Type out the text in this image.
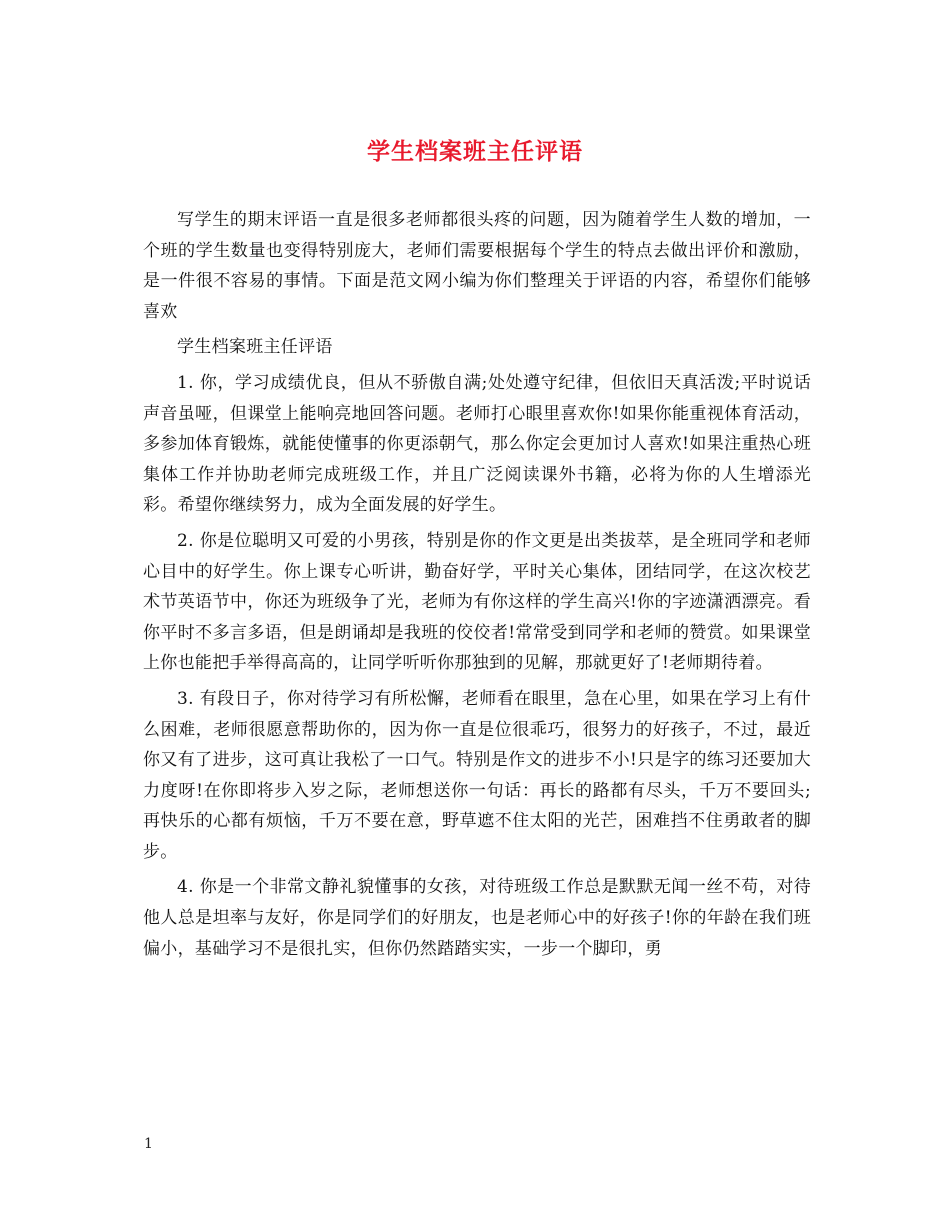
学生档案班主任评语

写学生的期末评语一直是很多老师都很头疼的问题，因为随着学生人数的增加，一个班的学生数量也变得特别庞大，老师们需要根据每个学生的特点去做出评价和激励，是一件很不容易的事情。下面是范文网小编为你们整理关于评语的内容，希望你们能够喜欢

学生档案班主任评语

1. 你，学习成绩优良，但从不骄傲自满;处处遵守纪律，但依旧天真活泼;平时说话声音虽哑，但课堂上能响亮地回答问题。老师打心眼里喜欢你!如果你能重视体育活动，多参加体育锻炼，就能使懂事的你更添朝气，那么你定会更加讨人喜欢!如果注重热心班集体工作并协助老师完成班级工作，并且广泛阅读课外书籍，必将为你的人生增添光彩。希望你继续努力，成为全面发展的好学生。

2. 你是位聪明又可爱的小男孩，特别是你的作文更是出类拔萃，是全班同学和老师心目中的好学生。你上课专心听讲，勤奋好学，平时关心集体，团结同学，在这次校艺术节英语节中，你还为班级争了光，老师为有你这样的学生高兴!你的字迹潇洒漂亮。看你平时不多言多语，但是朗诵却是我班的佼佼者!常常受到同学和老师的赞赏。如果课堂上你也能把手举得高高的，让同学听听你那独到的见解，那就更好了!老师期待着。

3. 有段日子，你对待学习有所松懈，老师看在眼里，急在心里，如果在学习上有什么困难，老师很愿意帮助你的，因为你一直是位很乖巧，很努力的好孩子，不过，最近你又有了进步，这可真让我松了一口气。特别是作文的进步不小!只是字的练习还要加大力度呀!在你即将步入岁之际，老师想送你一句话：再长的路都有尽头，千万不要回头;再快乐的心都有烦恼，千万不要在意，野草遮不住太阳的光芒，困难挡不住勇敢者的脚步。

4. 你是一个非常文静礼貌懂事的女孩，对待班级工作总是默默无闻一丝不苟，对待他人总是坦率与友好，你是同学们的好朋友，也是老师心中的好孩子!你的年龄在我们班偏小，基础学习不是很扎实，但你仍然踏踏实实，一步一个脚印，勇

1
